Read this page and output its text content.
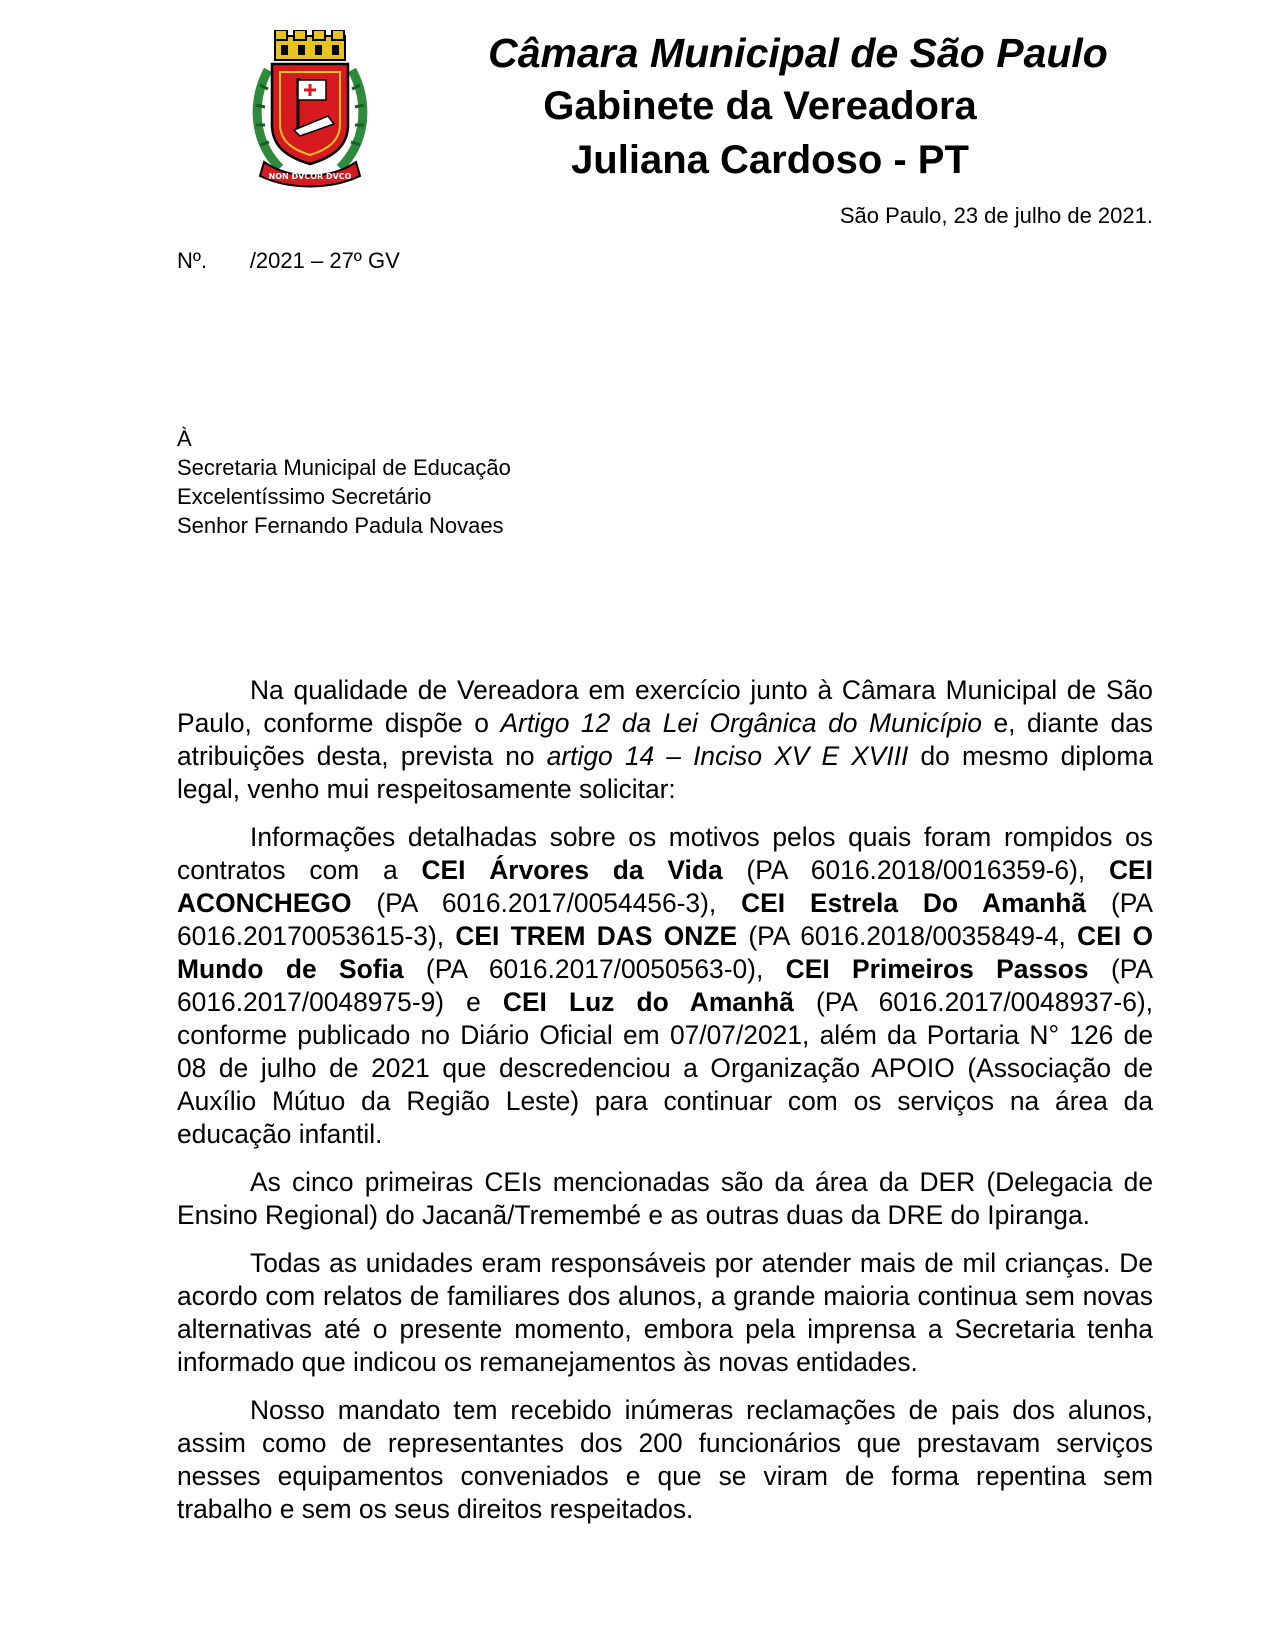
NON DVCOR DVCO
Câmara Municipal de São Paulo
Gabinete da Vereadora
Juliana Cardoso - PT
São Paulo, 23 de julho de 2021.
Nº.       /2021 – 27º GV
À
Secretaria Municipal de Educação
Excelentíssimo Secretário
Senhor Fernando Padula Novaes

Na qualidade de Vereadora em exercício junto à Câmara Municipal de São Paulo, conforme dispõe o Artigo 12 da Lei Orgânica do Município e, diante das atribuições desta, prevista no artigo 14 – Inciso XV E XVIII do mesmo diploma legal, venho mui respeitosamente solicitar:

Informações detalhadas sobre os motivos pelos quais foram rompidos os contratos com a CEI Árvores da Vida (PA 6016.2018/0016359-6), CEI ACONCHEGO (PA 6016.2017/0054456-3), CEI Estrela Do Amanhã (PA 6016.20170053615-3), CEI TREM DAS ONZE (PA 6016.2018/0035849-4, CEI O Mundo de Sofia (PA 6016.2017/0050563-0), CEI Primeiros Passos (PA 6016.2017/0048975-9) e CEI Luz do Amanhã (PA 6016.2017/0048937-6), conforme publicado no Diário Oficial em 07/07/2021, além da Portaria N° 126 de 08 de julho de 2021 que descredenciou a Organização APOIO (Associação de Auxílio Mútuo da Região Leste) para continuar com os serviços na área da educação infantil.

As cinco primeiras CEIs mencionadas são da área da DER (Delegacia de Ensino Regional) do Jacanã/Tremembé e as outras duas da DRE do Ipiranga.

Todas as unidades eram responsáveis por atender mais de mil crianças. De acordo com relatos de familiares dos alunos, a grande maioria continua sem novas alternativas até o presente momento, embora pela imprensa a Secretaria tenha informado que indicou os remanejamentos às novas entidades.

Nosso mandato tem recebido inúmeras reclamações de pais dos alunos, assim como de representantes dos 200 funcionários que prestavam serviços nesses equipamentos conveniados e que se viram de forma repentina sem trabalho e sem os seus direitos respeitados.
